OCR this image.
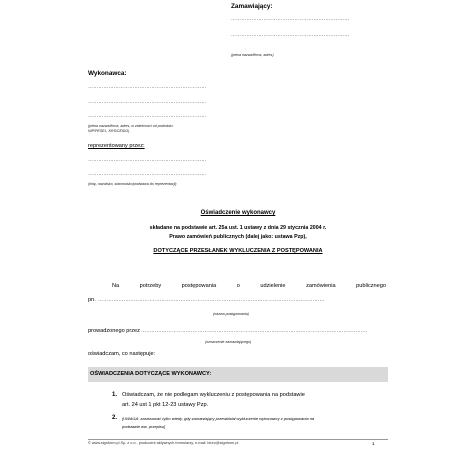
Zamawiający:
……………………………………………………………
……………………………………………………………
(pełna nazwa/firma, adres)
Wykonawca:
……………………………………………………………
……………………………………………………………
……………………………………………………………
(pełna nazwa/firma, adres, w zależności od podmiotu:
NIP/PESEL, KRS/CEiDG)
reprezentowany przez:
……………………………………………………………
……………………………………………………………
(imię, nazwisko, stanowisko/podstawa do reprezentacji)
Oświadczenie wykonawcy
składane na podstawie art. 25a ust. 1 ustawy z dnia 29 stycznia 2004 r.
Prawo zamówień publicznych (dalej jako: ustawa Pzp),
DOTYCZĄCE PRZESŁANEK WYKLUCZENIA Z POSTĘPOWANIA
Na	potrzeby	postępowania	o	udzielenie	zamówienia	publicznego
pn. ……………………………………………………………………………………………………………………
(nazwa postępowania)
prowadzonego przez ……………………………………………………………………………………………………………………
(oznaczenie zamawiającego)
oświadczam, co następuje:
OŚWIADCZENIA DOTYCZĄCE WYKONAWCY:
1. Oświadczam, że nie podlegam wykluczeniu z postępowania na podstawie
art. 24 ust 1 pkt 12-23 ustawy Pzp.
2. [UWAGA: zastosować tylko wtedy, gdy zamawiający przewidział wykluczenie wykonawcy z postępowania na
podstawie ww. przepisu]
© www.signform.pl Sp. z o.o., producent aktywnych formularzy, e-mail: biuro@signform.pl	1
